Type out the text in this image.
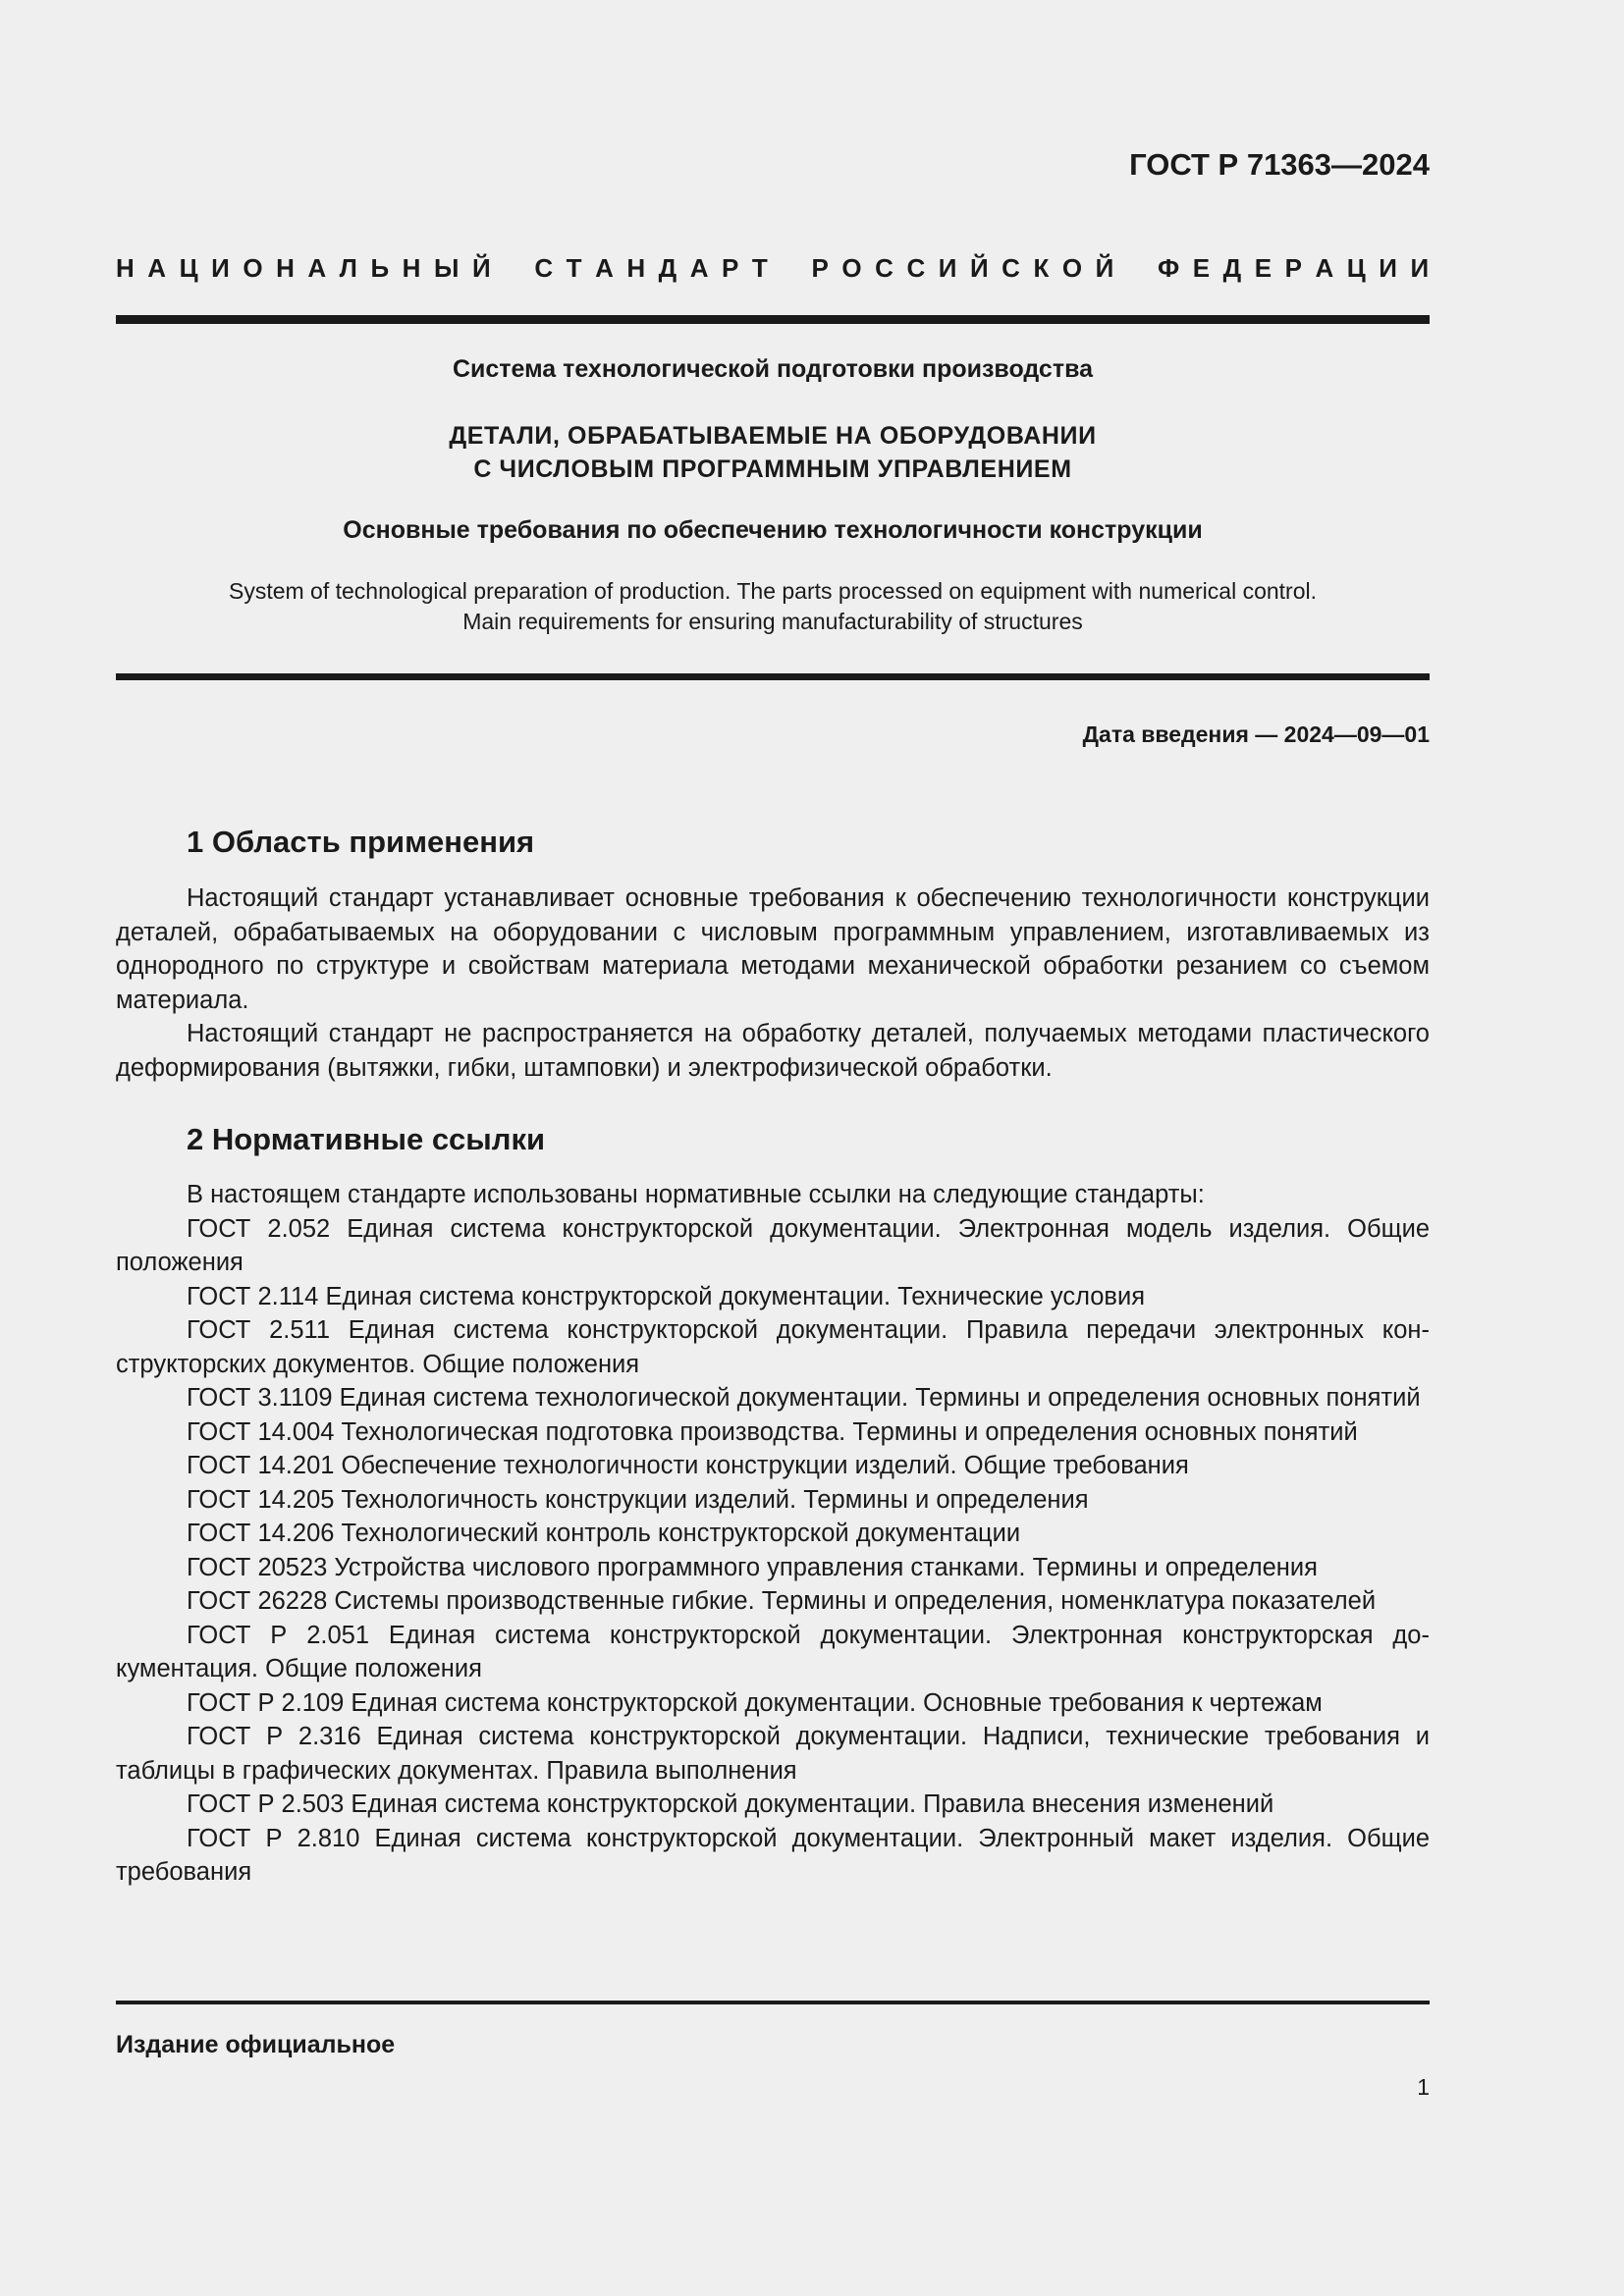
ГОСТ Р 71363—2024
Н А Ц И О Н А Л Ь Н Ы Й
С Т А Н Д А Р Т
Р О С С И Й С К О Й
Ф Е Д Е Р А Ц И И
Система технологической подготовки производства
ДЕТАЛИ, ОБРАБАТЫВАЕМЫЕ НА ОБОРУДОВАНИИ
С ЧИСЛОВЫМ ПРОГРАММНЫМ УПРАВЛЕНИЕМ
Основные требования по обеспечению технологичности конструкции
System of technological preparation of production. The parts processed on equipment with numerical control.
Main requirements for ensuring manufacturability of structures
Дата введения — 2024—09—01
1 Область применения

Настоящий стандарт устанавливает основные требования к обеспечению технологичности конструкции деталей, обрабатываемых на оборудовании с числовым программным управлением, изготавливаемых из однородного по структуре и свойствам материала методами механической обработки резанием со съемом материала.

Настоящий стандарт не распространяется на обработку деталей, получаемых методами пластического деформирования (вытяжки, гибки, штамповки) и электрофизической обработки.

2 Нормативные ссылки

В настоящем стандарте использованы нормативные ссылки на следующие стандарты:

ГОСТ 2.052 Единая система конструкторской документации. Электронная модель изделия. Общие положения

ГОСТ 2.114 Единая система конструкторской документации. Технические условия

ГОСТ 2.511 Единая система конструкторской документации. Правила передачи электронных конструкторских документов. Общие положения

ГОСТ 3.1109 Единая система технологической документации. Термины и определения основных понятий

ГОСТ 14.004 Технологическая подготовка производства. Термины и определения основных понятий

ГОСТ 14.201 Обеспечение технологичности конструкции изделий. Общие требования

ГОСТ 14.205 Технологичность конструкции изделий. Термины и определения

ГОСТ 14.206 Технологический контроль конструкторской документации

ГОСТ 20523 Устройства числового программного управления станками. Термины и определения

ГОСТ 26228 Системы производственные гибкие. Термины и определения, номенклатура показателей

ГОСТ Р 2.051 Единая система конструкторской документации. Электронная конструкторская документация. Общие положения

ГОСТ Р 2.109 Единая система конструкторской документации. Основные требования к чертежам

ГОСТ Р 2.316 Единая система конструкторской документации. Надписи, технические требования и таблицы в графических документах. Правила выполнения

ГОСТ Р 2.503 Единая система конструкторской документации. Правила внесения изменений

ГОСТ Р 2.810 Единая система конструкторской документации. Электронный макет изделия. Общие требования

Издание официальное
1
